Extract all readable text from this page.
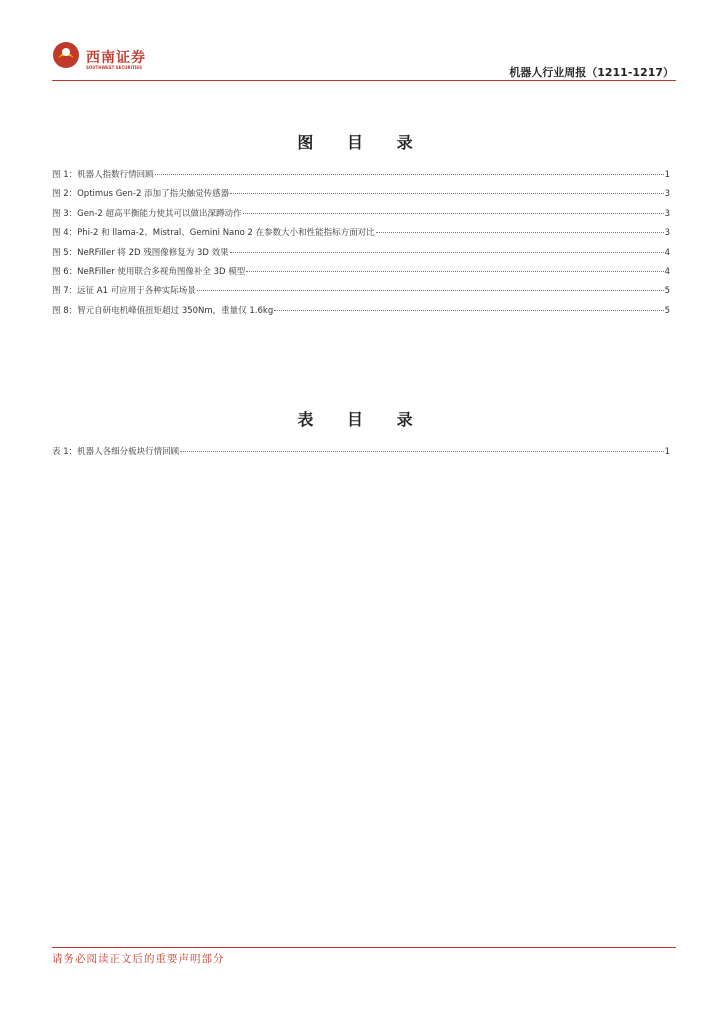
西南证券
SOUTHWEST SECURITIES	机器人行业周报（1211-1217）
图 目 录
图 1：机器人指数行情回顾	1
图 2：Optimus Gen-2 添加了指尖触觉传感器	3
图 3：Gen-2 超高平衡能力使其可以做出深蹲动作	3
图 4：Phi-2 和 llama-2、Mistral、Gemini Nano 2 在参数大小和性能指标方面对比	3
图 5：NeRFiller 将 2D 残图像修复为 3D 效果	4
图 6：NeRFiller 使用联合多视角图像补全 3D 模型	4
图 7：远征 A1 可应用于各种实际场景	5
图 8：智元自研电机峰值扭矩超过 350Nm，重量仅 1.6kg	5
表 目 录
表 1：机器人各细分板块行情回顾	1
请务必阅读正文后的重要声明部分
